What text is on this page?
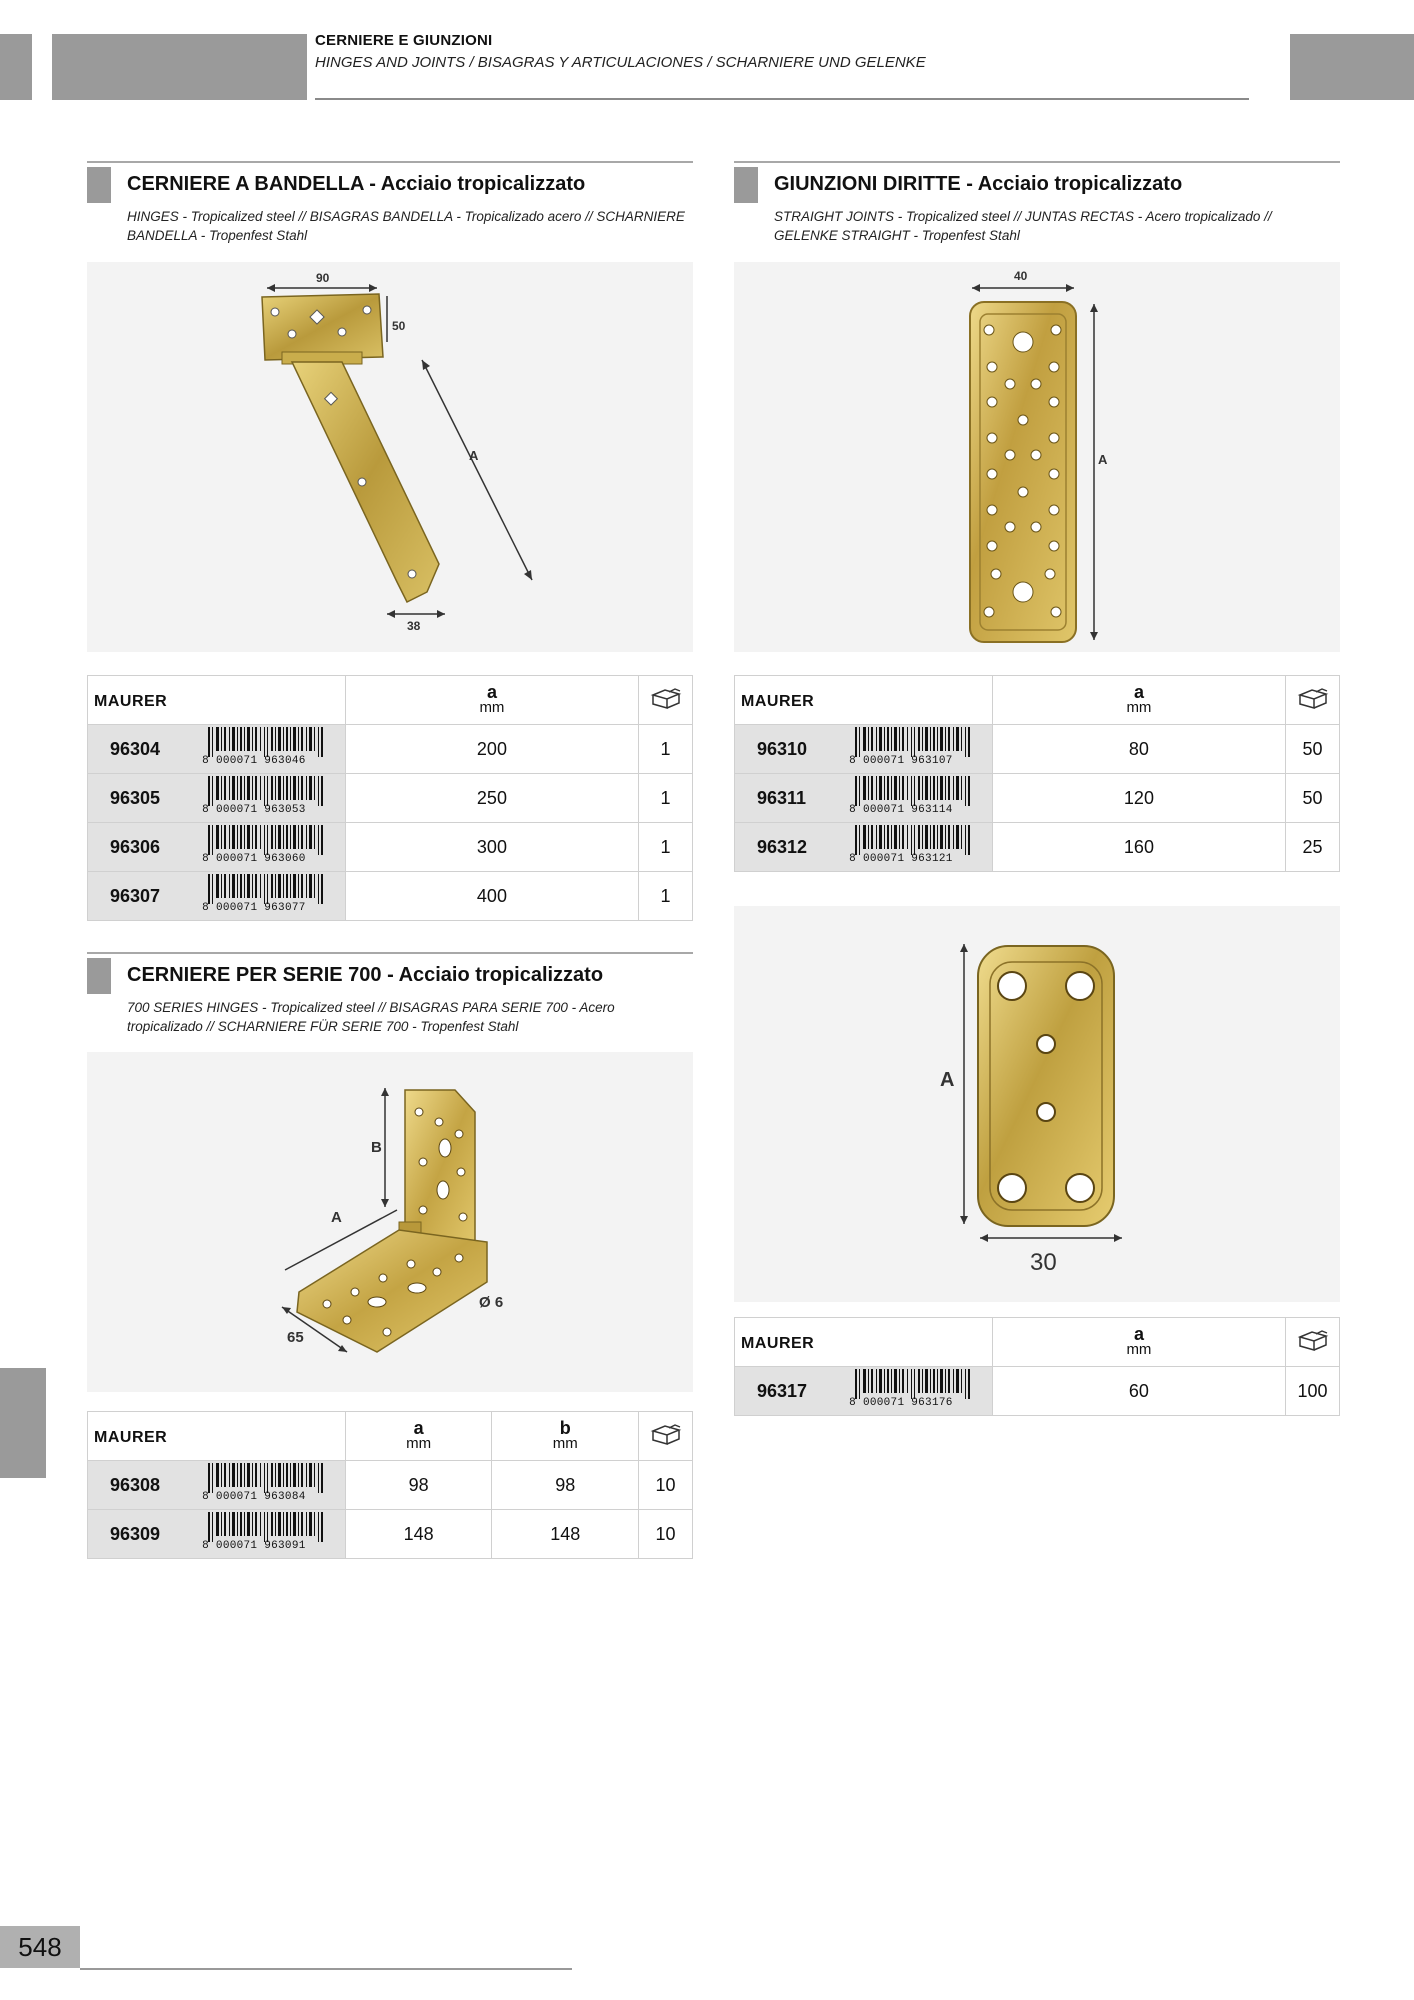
CERNIERE E GIUNZIONI
HINGES AND JOINTS / BISAGRAS Y ARTICULACIONES / SCHARNIERE UND GELENKE
CERNIERE A BANDELLA - Acciaio tropicalizzato
HINGES - Tropicalized steel // BISAGRAS BANDELLA - Tropicalizado acero // SCHARNIERE BANDELLA - Tropenfest Stahl
90
50
A
38
MAURER		a
mm

96304	8 000071 963046	200	1
96305	8 000071 963053	250	1
96306	8 000071 963060	300	1
96307	8 000071 963077	400	1
GIUNZIONI DIRITTE - Acciaio tropicalizzato
STRAIGHT JOINTS - Tropicalized steel // JUNTAS RECTAS - Acero tropicalizado // GELENKE STRAIGHT - Tropenfest Stahl
40
A
MAURER		a
mm

96310	8 000071 963107	80	50
96311	8 000071 963114	120	50
96312	8 000071 963121	160	25
CERNIERE PER SERIE 700 - Acciaio tropicalizzato
700 SERIES HINGES - Tropicalized steel // BISAGRAS PARA SERIE 700 - Acero tropicalizado // SCHARNIERE FÜR SERIE 700 - Tropenfest Stahl
B
A
65
Ø 6
MAURER		a
mm	b
mm

96308	8 000071 963084	98	98	10
96309	8 000071 963091	148	148	10
A
30
MAURER		a
mm

96317	8 000071 963176	60	100
548
